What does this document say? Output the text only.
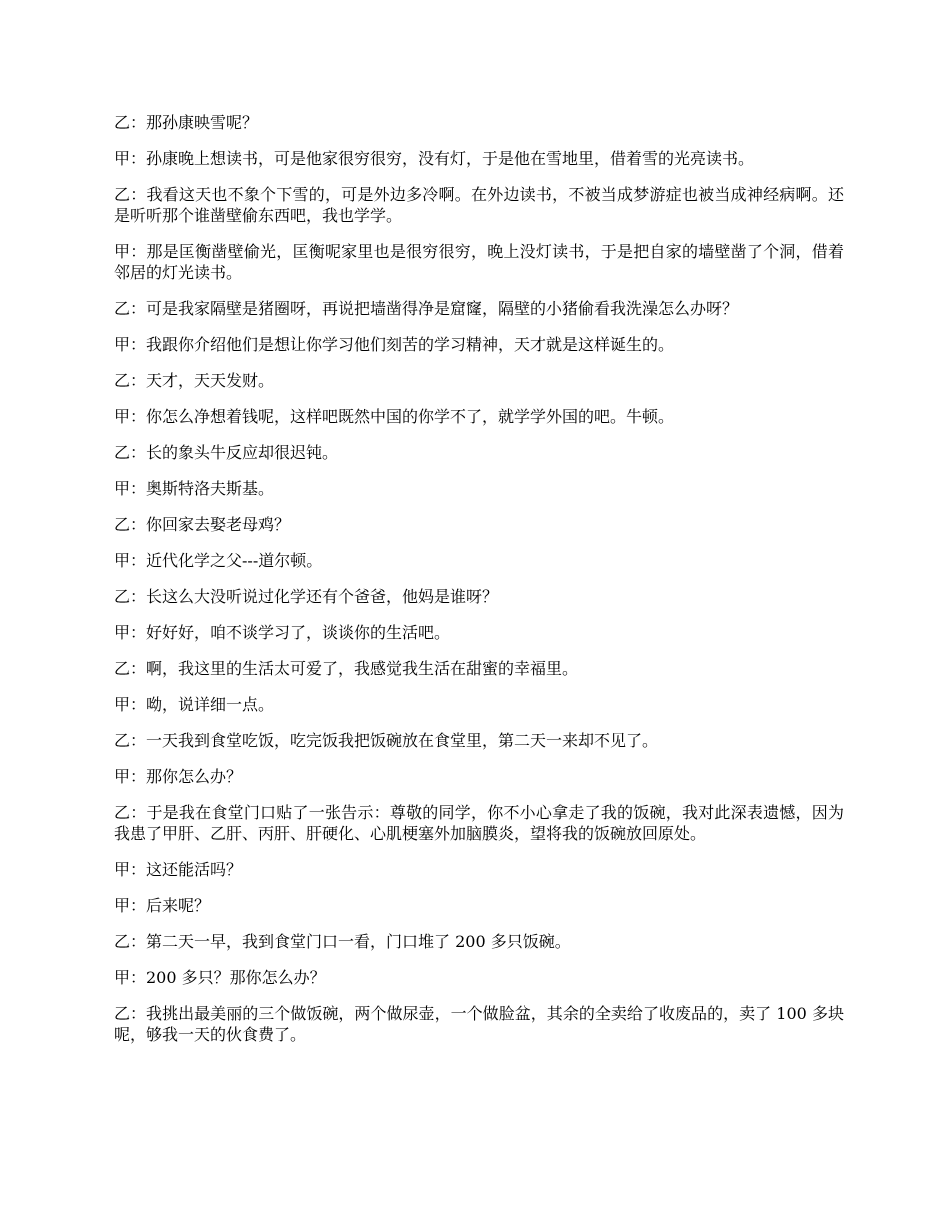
乙：那孙康映雪呢？

甲：孙康晚上想读书，可是他家很穷很穷，没有灯，于是他在雪地里，借着雪的光亮读书。

乙：我看这天也不象个下雪的，可是外边多冷啊。在外边读书，不被当成梦游症也被当成神经病啊。还是听听那个谁凿壁偷东西吧，我也学学。

甲：那是匡衡凿壁偷光，匡衡呢家里也是很穷很穷，晚上没灯读书，于是把自家的墙壁凿了个洞，借着邻居的灯光读书。

乙：可是我家隔壁是猪圈呀，再说把墙凿得净是窟窿，隔壁的小猪偷看我洗澡怎么办呀？

甲：我跟你介绍他们是想让你学习他们刻苦的学习精神，天才就是这样诞生的。

乙：天才，天天发财。

甲：你怎么净想着钱呢，这样吧既然中国的你学不了，就学学外国的吧。牛顿。

乙：长的象头牛反应却很迟钝。

甲：奥斯特洛夫斯基。

乙：你回家去娶老母鸡？

甲：近代化学之父---道尔顿。

乙：长这么大没听说过化学还有个爸爸，他妈是谁呀？

甲：好好好，咱不谈学习了，谈谈你的生活吧。

乙：啊，我这里的生活太可爱了，我感觉我生活在甜蜜的幸福里。

甲：呦，说详细一点。

乙：一天我到食堂吃饭，吃完饭我把饭碗放在食堂里，第二天一来却不见了。

甲：那你怎么办？

乙：于是我在食堂门口贴了一张告示：尊敬的同学，你不小心拿走了我的饭碗，我对此深表遗憾，因为我患了甲肝、乙肝、丙肝、肝硬化、心肌梗塞外加脑膜炎，望将我的饭碗放回原处。

甲：这还能活吗？

甲：后来呢？

乙：第二天一早，我到食堂门口一看，门口堆了 200 多只饭碗。

甲：200 多只？那你怎么办？

乙：我挑出最美丽的三个做饭碗，两个做尿壶，一个做脸盆，其余的全卖给了收废品的，卖了 100 多块呢，够我一天的伙食费了。
